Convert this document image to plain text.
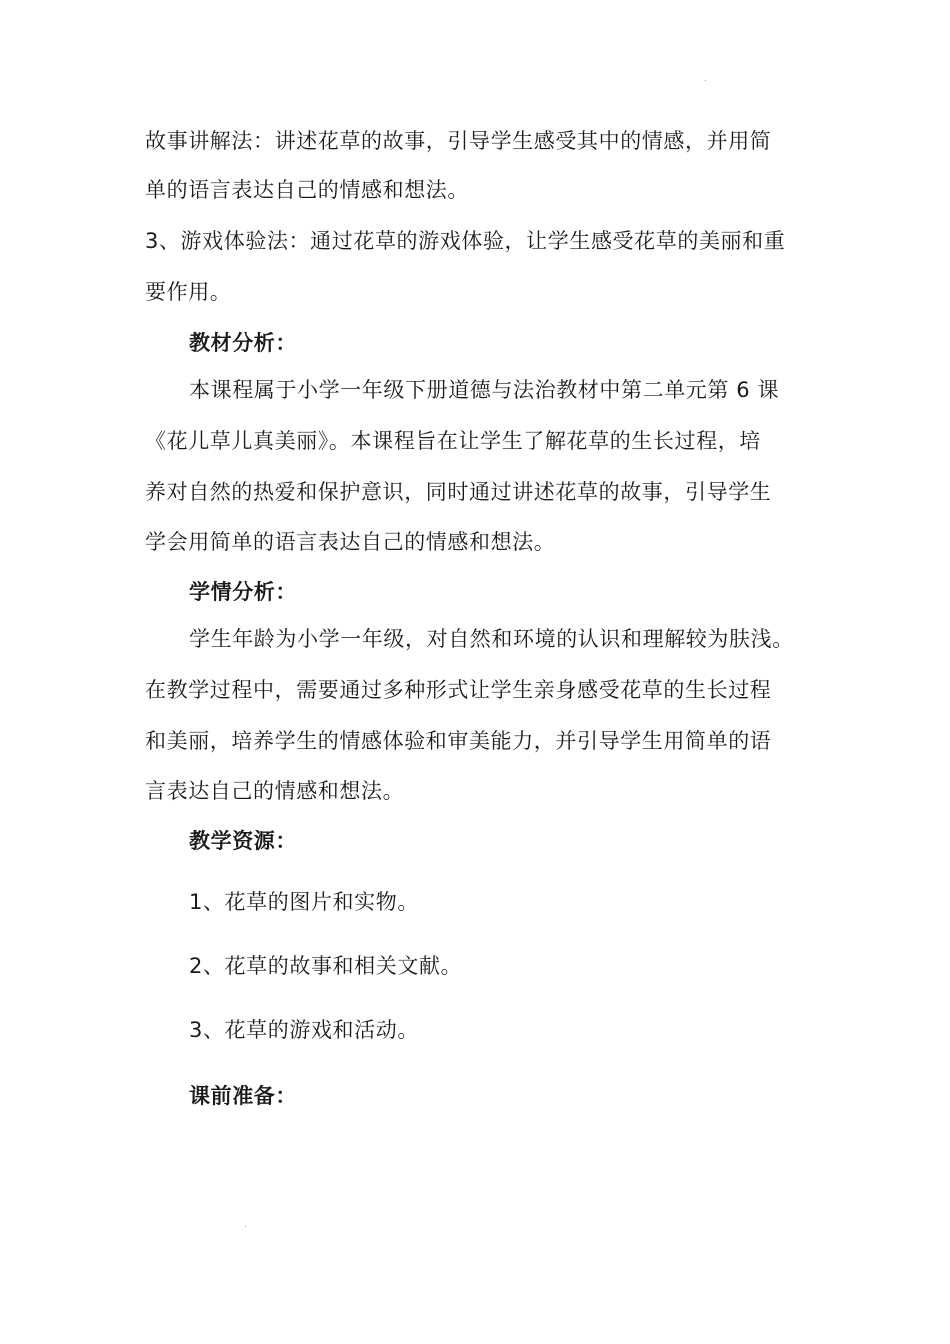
故事讲解法：讲述花草的故事，引导学生感受其中的情感，并用简
单的语言表达自己的情感和想法。
3、游戏体验法：通过花草的游戏体验，让学生感受花草的美丽和重
要作用。
教材分析：
本课程属于小学一年级下册道德与法治教材中第二单元第 6 课
《花儿草儿真美丽》。本课程旨在让学生了解花草的生长过程，培
养对自然的热爱和保护意识，同时通过讲述花草的故事，引导学生
学会用简单的语言表达自己的情感和想法。
学情分析：
学生年龄为小学一年级，对自然和环境的认识和理解较为肤浅。
在教学过程中，需要通过多种形式让学生亲身感受花草的生长过程
和美丽，培养学生的情感体验和审美能力，并引导学生用简单的语
言表达自己的情感和想法。
教学资源：
1、花草的图片和实物。
2、花草的故事和相关文献。
3、花草的游戏和活动。
课前准备：
